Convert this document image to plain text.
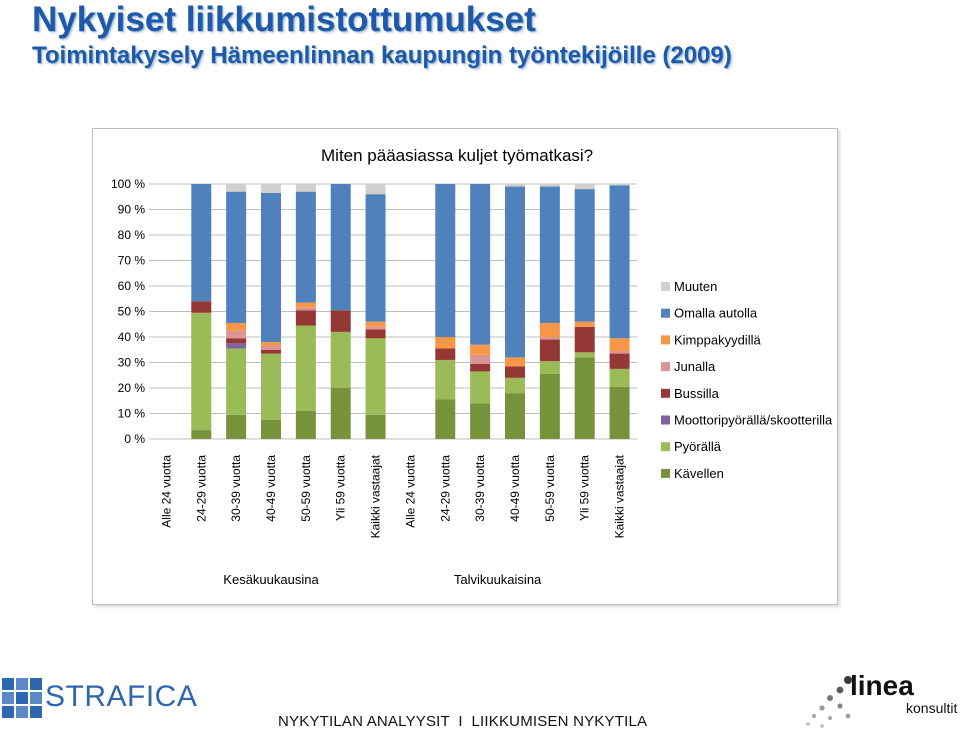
Nykyiset liikkumistottumukset
Toimintakysely Hämeenlinnan kaupungin työntekijöille (2009)
Miten pääasiassa kuljet työmatkasi?
0 %
10 %
20 %
30 %
40 %
50 %
60 %
70 %
80 %
90 %
100 %
Alle 24 vuotta 24-29 vuotta 30-39 vuotta 40-49 vuotta 50-59 vuotta Yli 59 vuotta Kaikki vastaajat Alle 24 vuotta 24-29 vuotta 30-39 vuotta 40-49 vuotta 50-59 vuotta Yli 59 vuotta Kaikki vastaajat
Kesäkuukausina	Talvikuukaisina
Muuten
Omalla autolla
Kimppakyydillä
Junalla
Bussilla
Moottoripyörällä/skootterilla
Pyörällä
Kävellen
STRAFICA
NYKYTILAN ANALYYSIT  I  LIIKKUMISEN NYKYTILA
linea
konsultit
